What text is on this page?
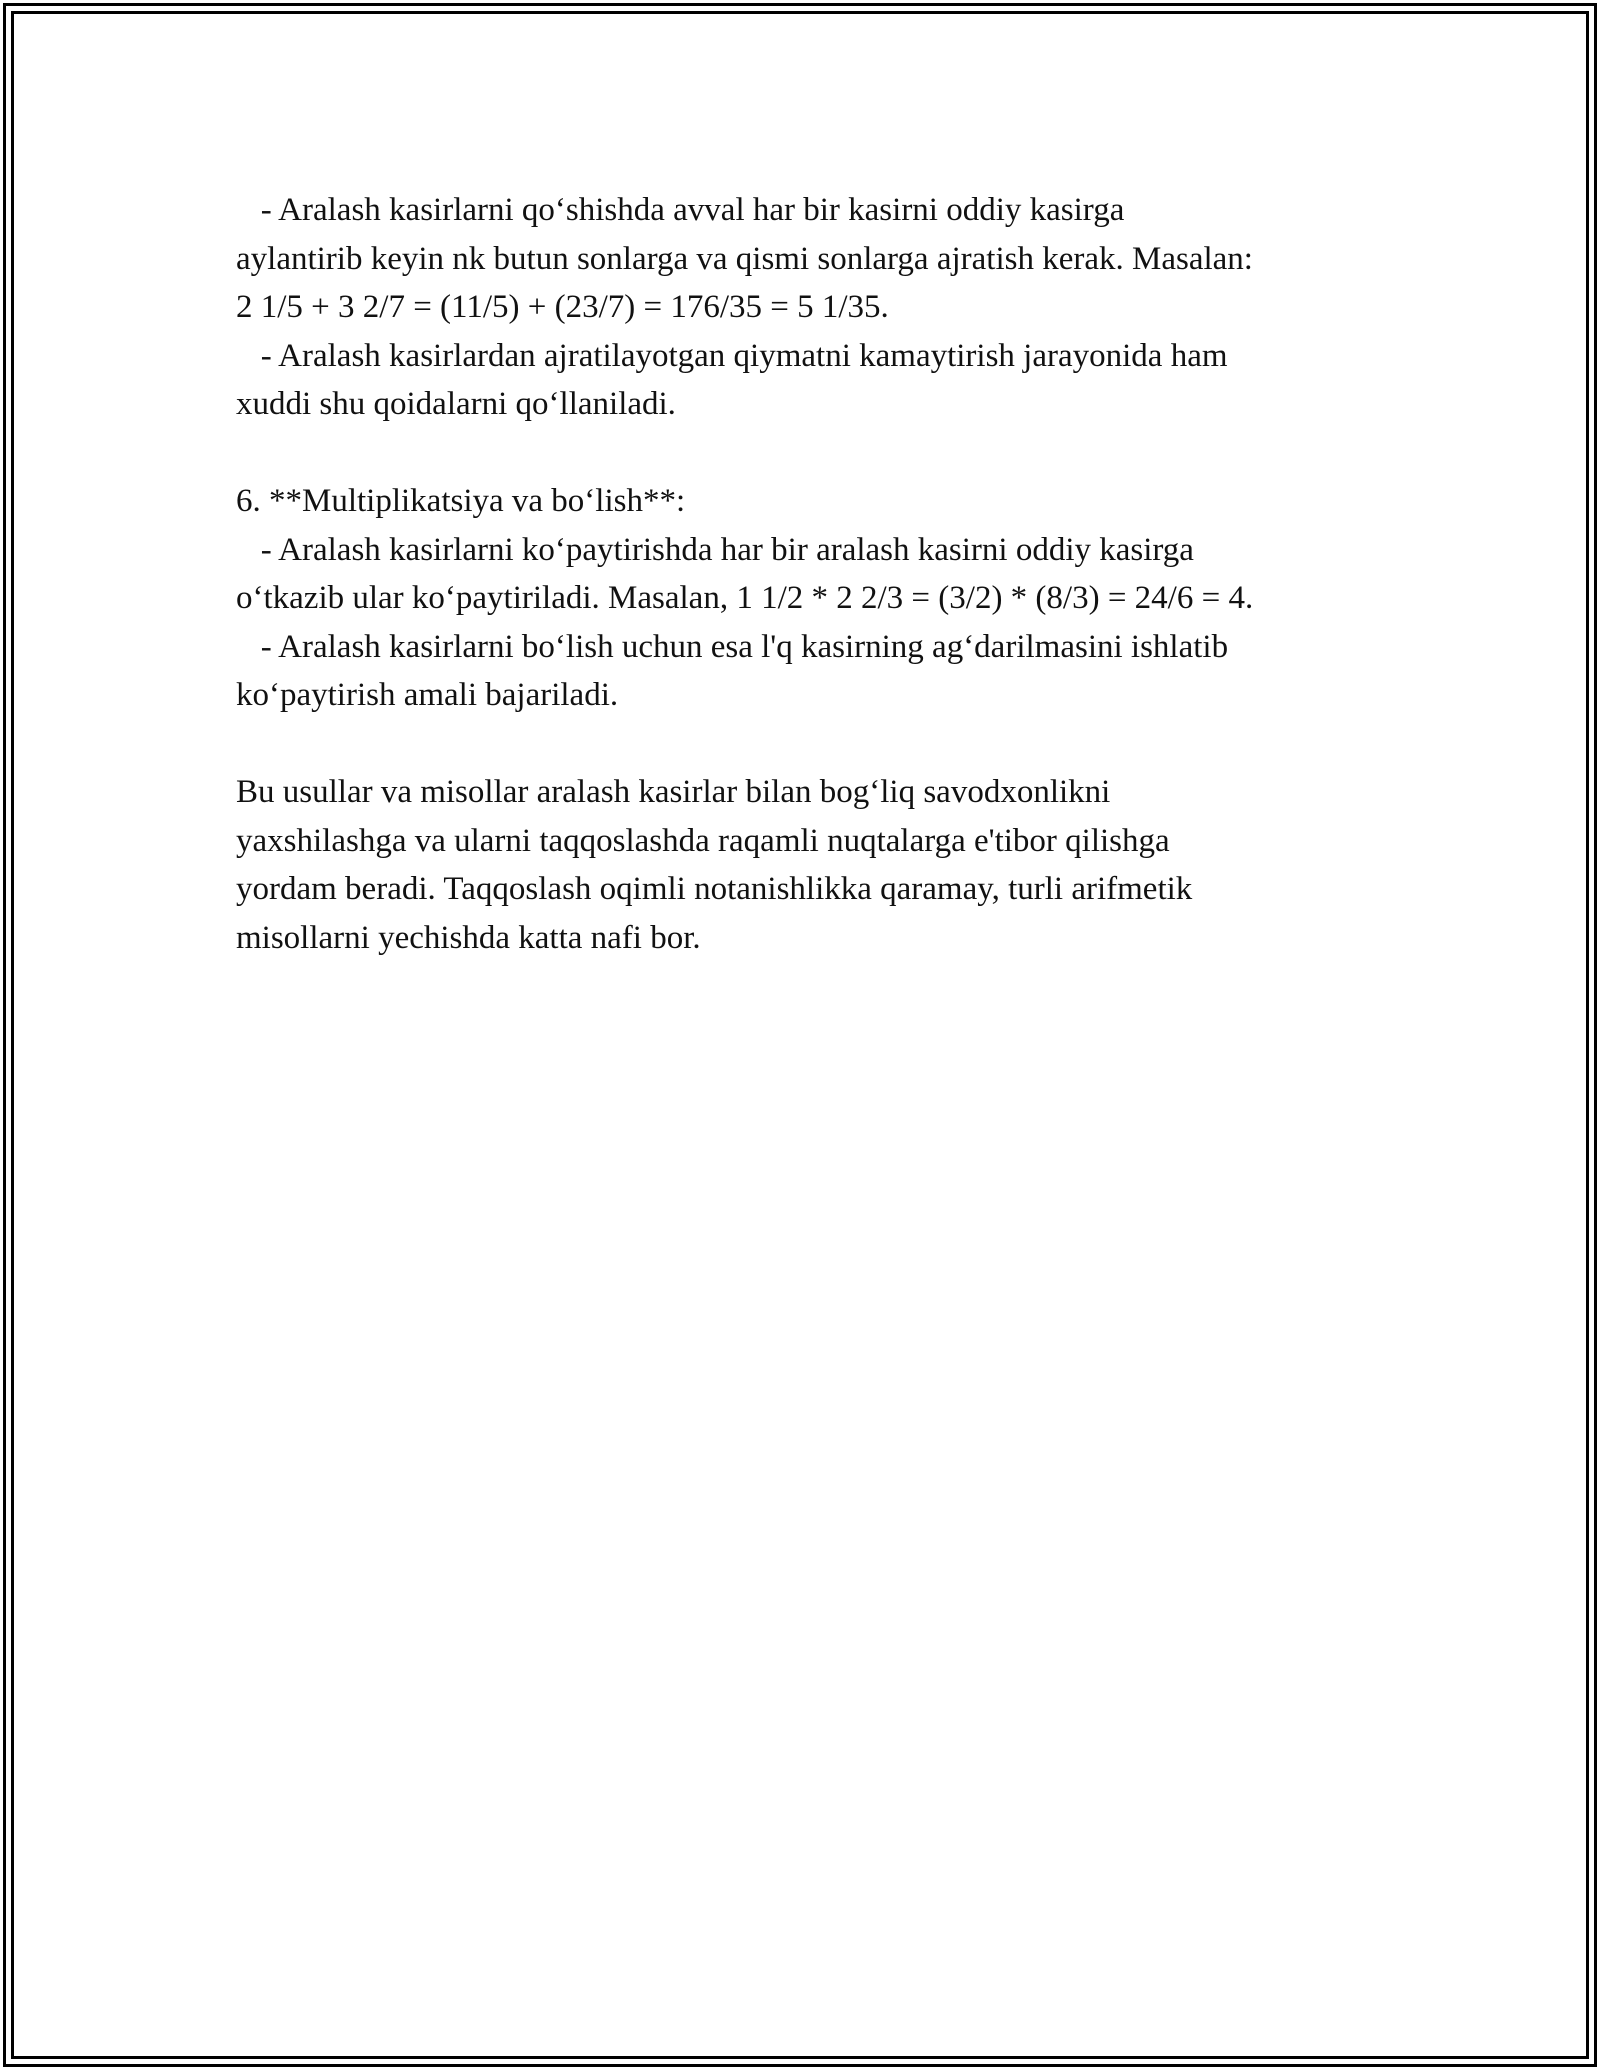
- Aralash kasirlarni qo‘shishda avval har bir kasirni oddiy kasirga
aylantirib keyin nk butun sonlarga va qismi sonlarga ajratish kerak. Masalan:
2 1/5 + 3 2/7 = (11/5) + (23/7) = 176/35 = 5 1/35.
- Aralash kasirlardan ajratilayotgan qiymatni kamaytirish jarayonida ham
xuddi shu qoidalarni qo‘llaniladi.
6. **Multiplikatsiya va bo‘lish**:
- Aralash kasirlarni ko‘paytirishda har bir aralash kasirni oddiy kasirga
o‘tkazib ular ko‘paytiriladi. Masalan, 1 1/2 * 2 2/3 = (3/2) * (8/3) = 24/6 = 4.
- Aralash kasirlarni bo‘lish uchun esa l'q kasirning ag‘darilmasini ishlatib
ko‘paytirish amali bajariladi.
Bu usullar va misollar aralash kasirlar bilan bog‘liq savodxonlikni
yaxshilashga va ularni taqqoslashda raqamli nuqtalarga e'tibor qilishga
yordam beradi. Taqqoslash oqimli notanishlikka qaramay, turli arifmetik
misollarni yechishda katta nafi bor.
